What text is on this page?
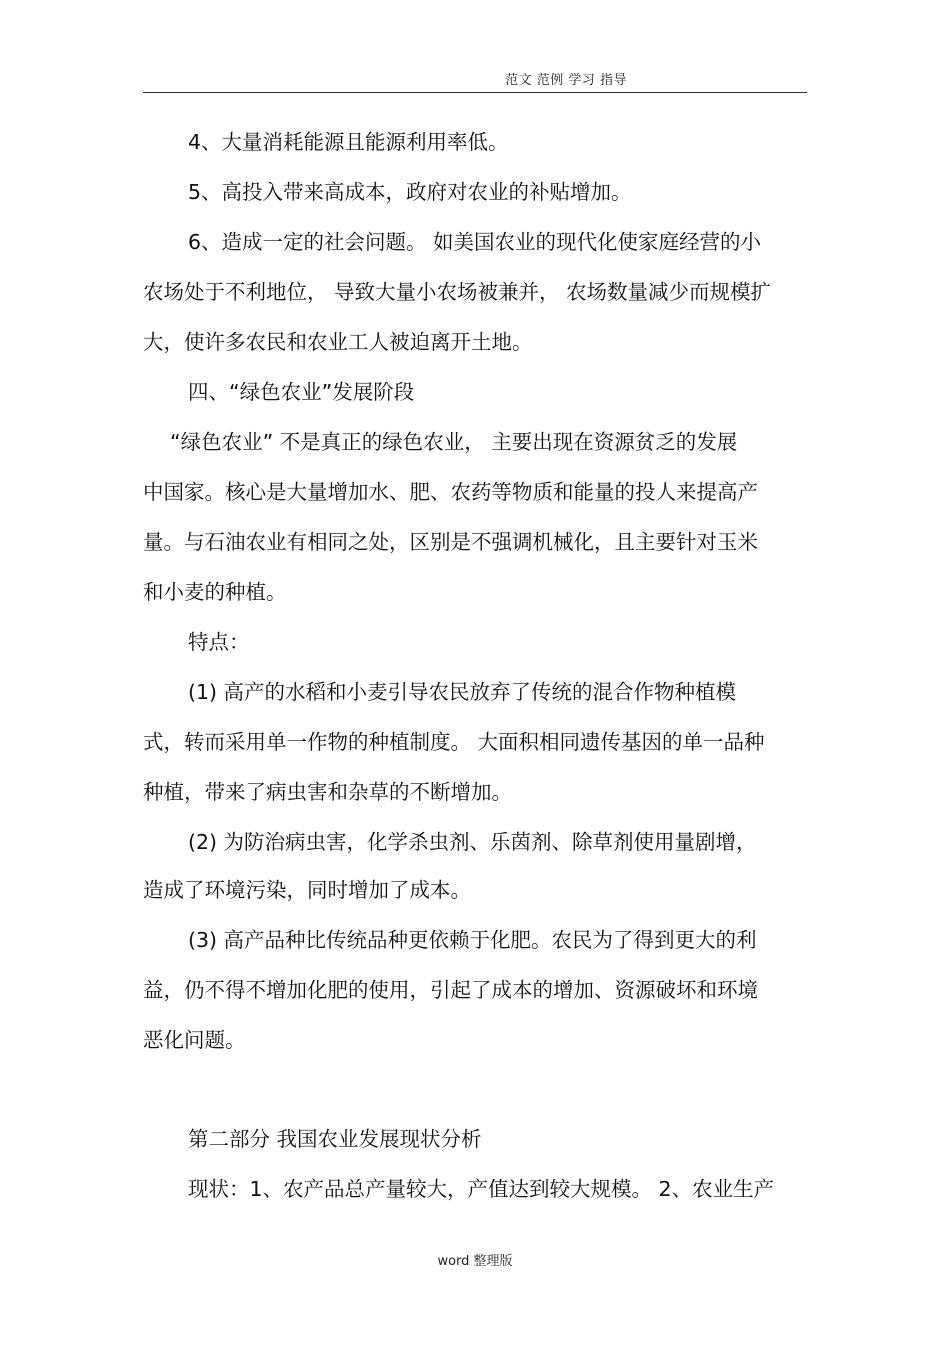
范文 范例 学习 指导
4、大量消耗能源且能源利用率低。
5、高投入带来高成本，政府对农业的补贴增加。
6、造成一定的社会问题。 如美国农业的现代化使家庭经营的小
农场处于不利地位， 导致大量小农场被兼并， 农场数量减少而规模扩
大，使许多农民和农业工人被迫离开土地。
四、“绿色农业”发展阶段
“绿色农业” 不是真正的绿色农业， 主要出现在资源贫乏的发展
中国家。核心是大量增加水、肥、农药等物质和能量的投人来提高产
量。与石油农业有相同之处，区别是不强调机械化，且主要针对玉米
和小麦的种植。
特点：
(1) 高产的水稻和小麦引导农民放弃了传统的混合作物种植模
式，转而采用单一作物的种植制度。 大面积相同遗传基因的单一品种
种植，带来了病虫害和杂草的不断增加。
(2) 为防治病虫害，化学杀虫剂、乐茵剂、除草剂使用量剧增，
造成了环境污染，同时增加了成本。
(3) 高产品种比传统品种更依赖于化肥。农民为了得到更大的利
益，仍不得不增加化肥的使用，引起了成本的增加、资源破坏和环境
恶化问题。
第二部分 我国农业发展现状分析
现状：1、农产品总产量较大，产值达到较大规模。 2、农业生产
word 整理版
